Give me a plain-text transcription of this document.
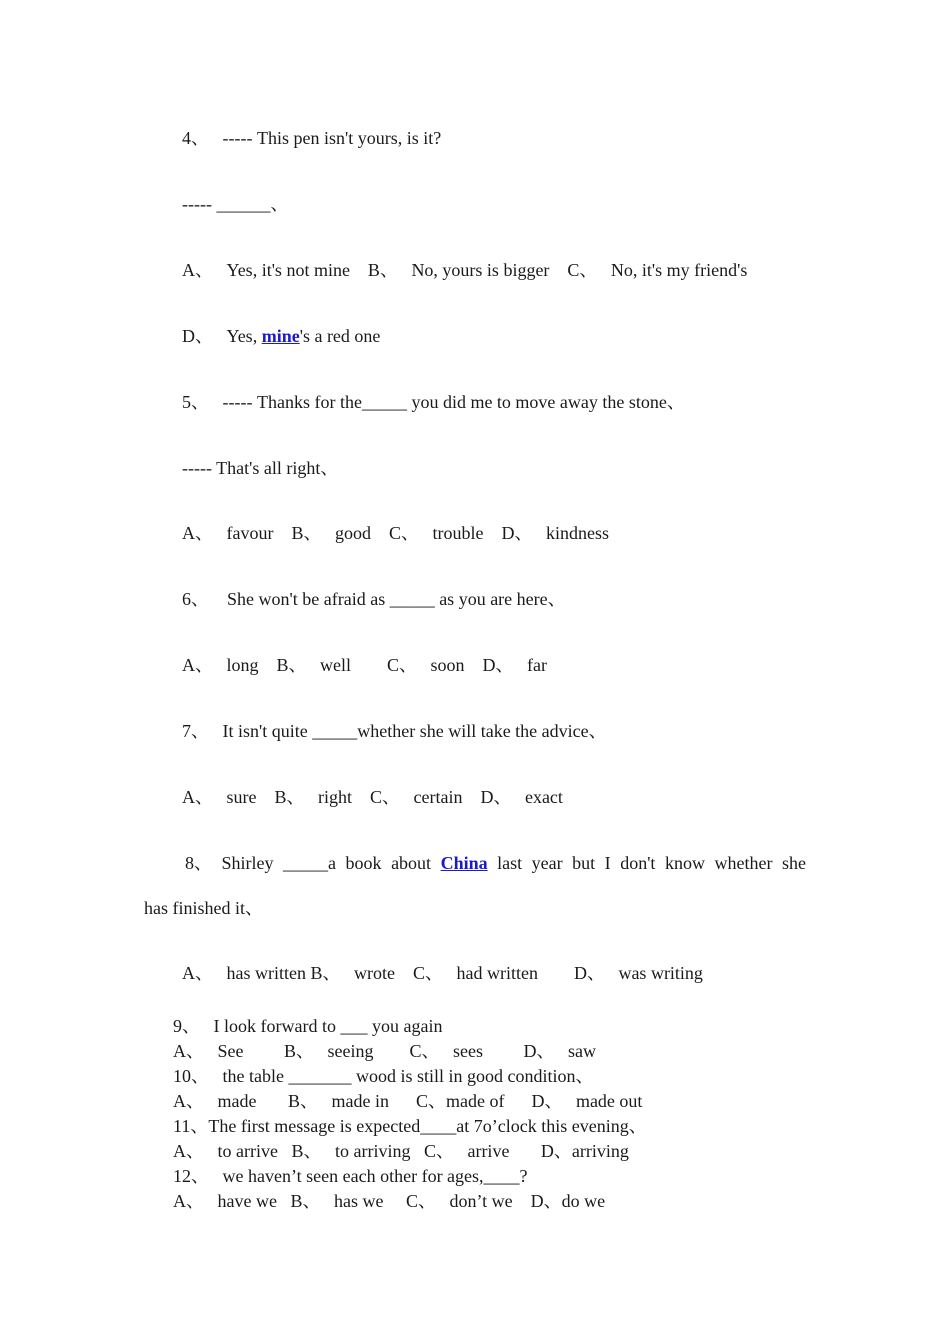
4、   ----- This pen isn't yours, is it?
----- ______、
A、   Yes, it's not mine    B、   No, yours is bigger    C、   No, it's my friend's
D、   Yes, mine's a red one
5、   ----- Thanks for the_____ you did me to move away the stone、
----- That's all right、
A、   favour    B、   good    C、   trouble    D、   kindness
6、    She won't be afraid as _____ as you are here、
A、   long    B、   well        C、   soon    D、   far
7、   It isn't quite _____whether she will take the advice、
A、   sure    B、   right    C、   certain    D、   exact
8、 Shirley _____a book about China last year but I don't know whether she
has finished it、
A、   has written B、   wrote    C、   had written        D、   was writing
9、   I look forward to ___ you again
A、   See         B、   seeing        C、   sees         D、   saw
10、   the table _______ wood is still in good condition、
A、   made       B、   made in      C、made of      D、   made out
11、The first message is expected____at 7o’clock this evening、
A、   to arrive   B、   to arriving   C、   arrive       D、arriving
12、   we haven’t seen each other for ages,____?
A、   have we   B、   has we     C、   don’t we    D、do we
